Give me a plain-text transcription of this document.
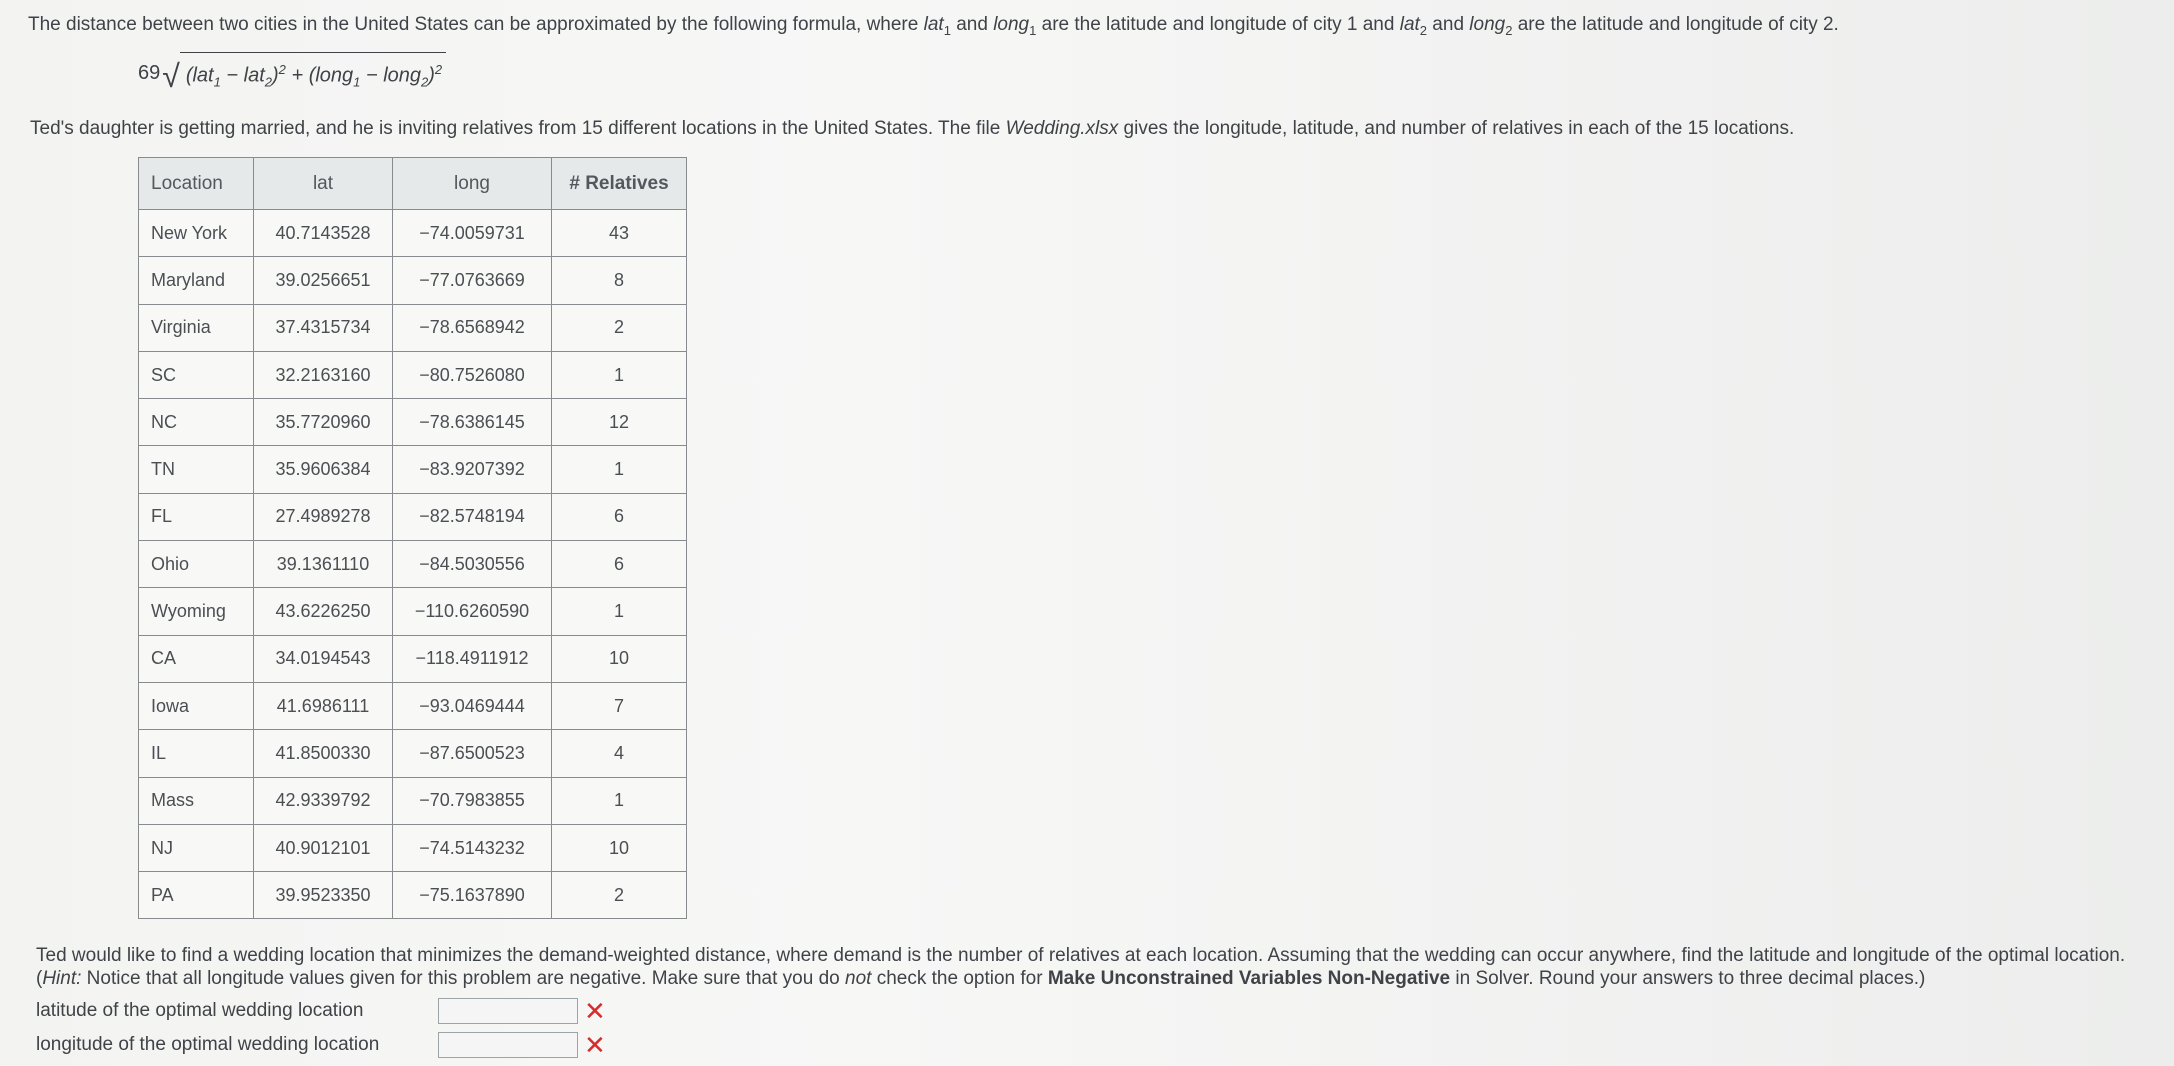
The distance between two cities in the United States can be approximated by the following formula, where lat$_1$ and long$_1$ are the latitude and longitude of city 1 and lat$_2$ and long$_2$ are the latitude and longitude of city 2.
69 √ $(lat_1 - lat_2)^2$ + (long$_1$ − long$_2$)$^2$
Ted's daughter is getting married, and he is inviting relatives from 15 different locations in the United States. The file Wedding.xlsx gives the longitude, latitude, and number of relatives in each of the 15 locations.
Location	lat	long	# Relatives
New York	40.7143528	−74.0059731	43
Maryland	39.0256651	−77.0763669	8
Virginia	37.4315734	−78.6568942	2
SC	32.2163160	−80.7526080	1
NC	35.7720960	−78.6386145	12
TN	35.9606384	−83.9207392	1
FL	27.4989278	−82.5748194	6
Ohio	39.1361110	−84.5030556	6
Wyoming	43.6226250	−110.6260590	1
CA	34.0194543	−118.4911912	10
Iowa	41.6986111	−93.0469444	7
IL	41.8500330	−87.6500523	4
Mass	42.9339792	−70.7983855	1
NJ	40.9012101	−74.5143232	10
PA	39.9523350	−75.1637890	2
Ted would like to find a wedding location that minimizes the demand-weighted distance, where demand is the number of relatives at each location. Assuming that the wedding can occur anywhere, find the latitude and longitude of the optimal location. (Hint: Notice that all longitude values given for this problem are negative. Make sure that you do not check the option for Make Unconstrained Variables Non-Negative in Solver. Round your answers to three decimal places.)
latitude of the optimal wedding location	✕
longitude of the optimal wedding location	✕
